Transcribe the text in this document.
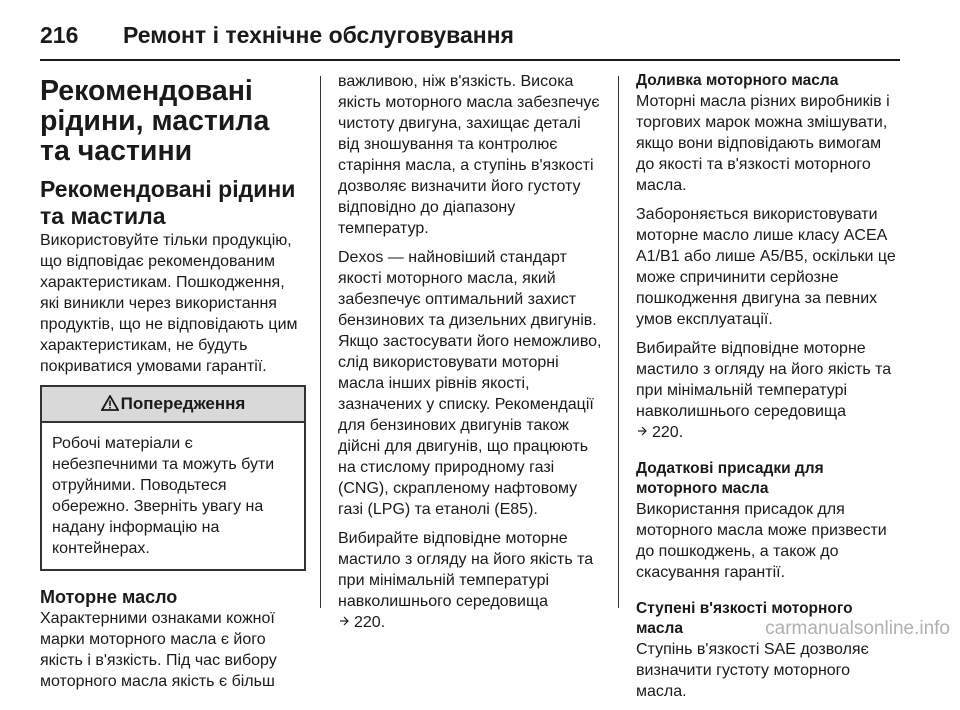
216 Ремонт і технічне обслуговування
Рекомендовані рідини, мастила та частини
Рекомендовані рідини та мастила

Використовуйте тільки продукцію, що відповідає рекомендованим характеристикам. Пошкодження, які виникли через використання продуктів, що не відповідають цим характеристикам, не будуть покриватися умовами гарантії.

Попередження
Робочі матеріали є небезпечними та можуть бути отруйними. Поводьтеся обережно. Зверніть увагу на надану інформацію на контейнерах.
Моторне масло

Характерними ознаками кожної марки моторного масла є його якість і в'язкість. Під час вибору моторного масла якість є більш

важливою, ніж в'язкість. Висока якість моторного масла забезпечує чистоту двигуна, захищає деталі від зношування та контролює старіння масла, а ступінь в'язкості дозволяє визначити його густоту відповідно до діапазону температур.

Dexos — найновіший стандарт якості моторного масла, який забезпечує оптимальний захист бензинових та дизельних двигунів. Якщо застосувати його неможливо, слід використовувати моторні масла інших рівнів якості, зазначених у списку. Рекомендації для бензинових двигунів також дійсні для двигунів, що працюють на стислому природному газі (CNG), скрапленому нафтовому газі (LPG) та етанолі (E85).

Вибирайте відповідне моторне мастило з огляду на його якість та при мінімальній температурі навколишнього середовища
220.

Доливка моторного масла

Моторні масла різних виробників і торгових марок можна змішувати, якщо вони відповідають вимогам до якості та в'язкості моторного масла.

Забороняється використовувати моторне масло лише класу ACEA A1/B1 або лише A5/B5, оскільки це може спричинити серйозне пошкодження двигуна за певних умов експлуатації.

Вибирайте відповідне моторне мастило з огляду на його якість та при мінімальній температурі навколишнього середовища
220.

Додаткові присадки для моторного масла

Використання присадок для моторного масла може призвести до пошкоджень, а також до скасування гарантії.

Ступені в'язкості моторного масла

Ступінь в'язкості SAE дозволяє визначити густоту моторного масла.

carmanualsonline.info
